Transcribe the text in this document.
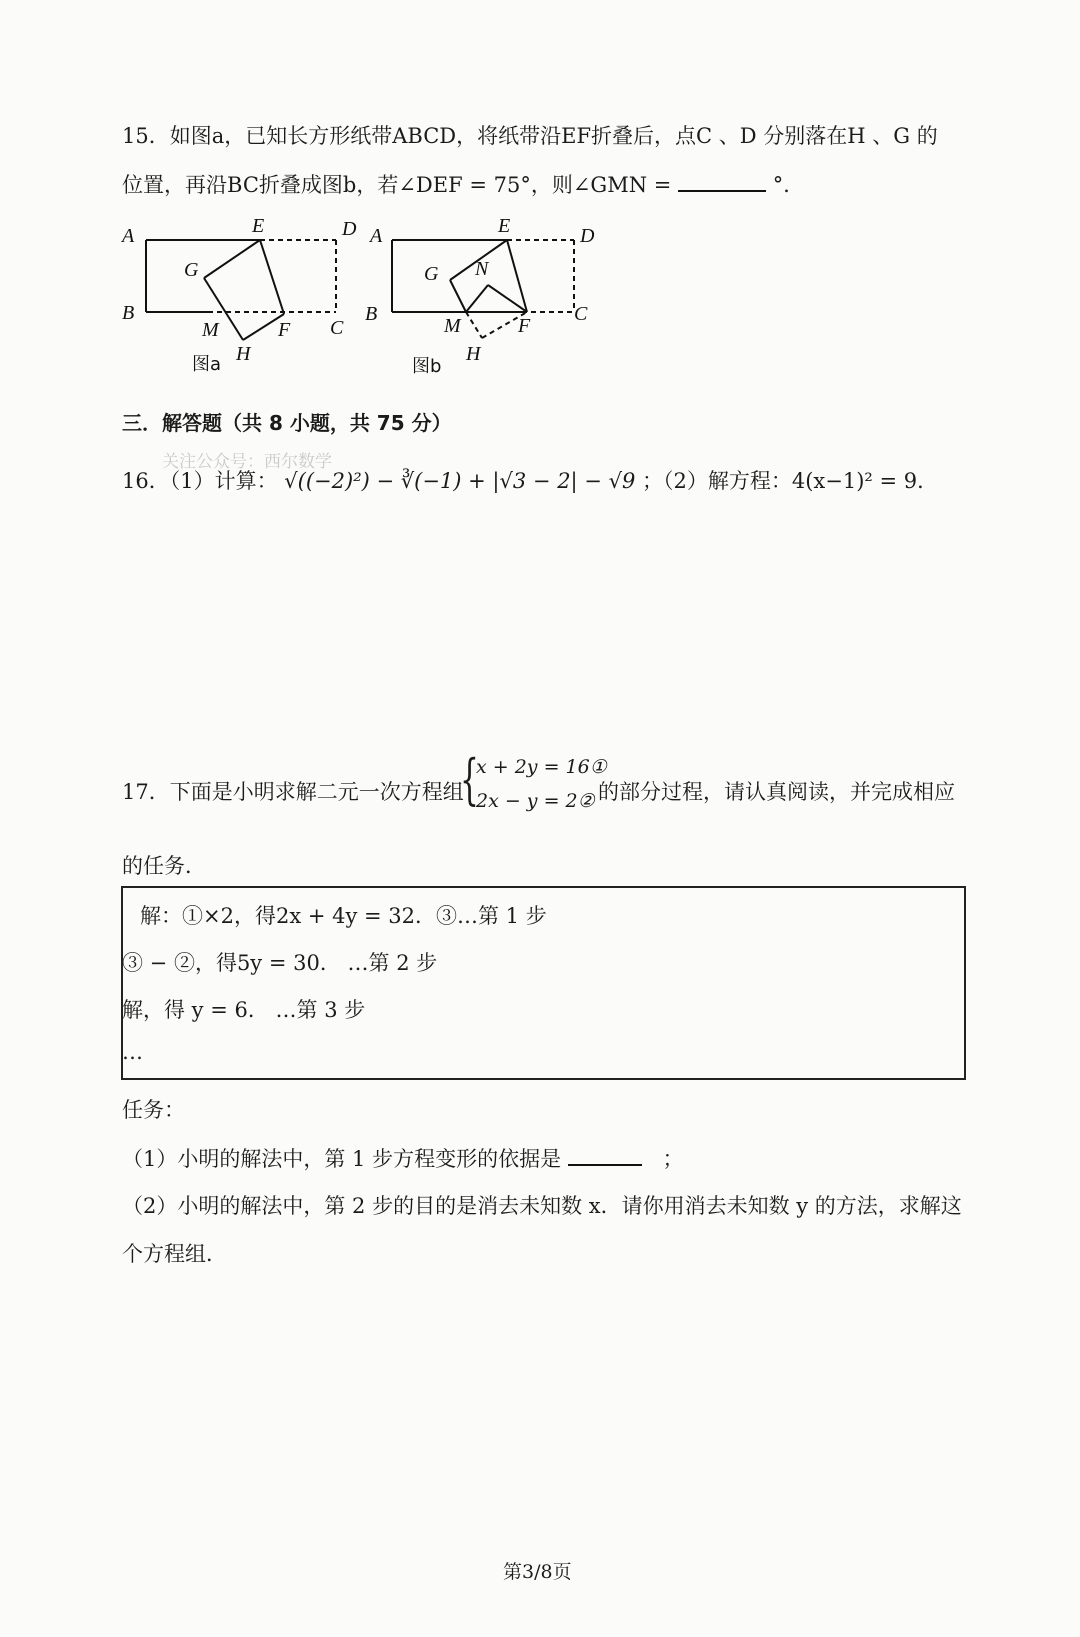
15．如图a，已知长方形纸带ABCD，将纸带沿EF折叠后，点C 、D 分别落在H 、G 的
位置，再沿BC折叠成图b，若∠DEF = 75°，则∠GMN =	°．
A
B
C
D
E
F
G
H
M
图a
A
B	C
D
E
F
G
H
M
N
图b
三．解答题（共 8 小题，共 75 分）
关注公众号：西尔数学
16．（1）计算： √((−2)²) − ∛(−1) + |√3 − 2| − √9 ；（2）解方程：4(x−1)² = 9．
17．下面是小明求解二元一次方程组
{
x + 2y = 16①
2x − y = 2② 的部分过程，请认真阅读，并完成相应
的任务．
解：①×2，得2x + 4y = 32．③…第 1 步
③ − ②，得5y = 30． …第 2 步
解，得 y = 6． …第 3 步
…
任务：
（1）小明的解法中，第 1 步方程变形的依据是	；
（2）小明的解法中，第 2 步的目的是消去未知数 x．请你用消去未知数 y 的方法，求解这
个方程组．
第3/8页
